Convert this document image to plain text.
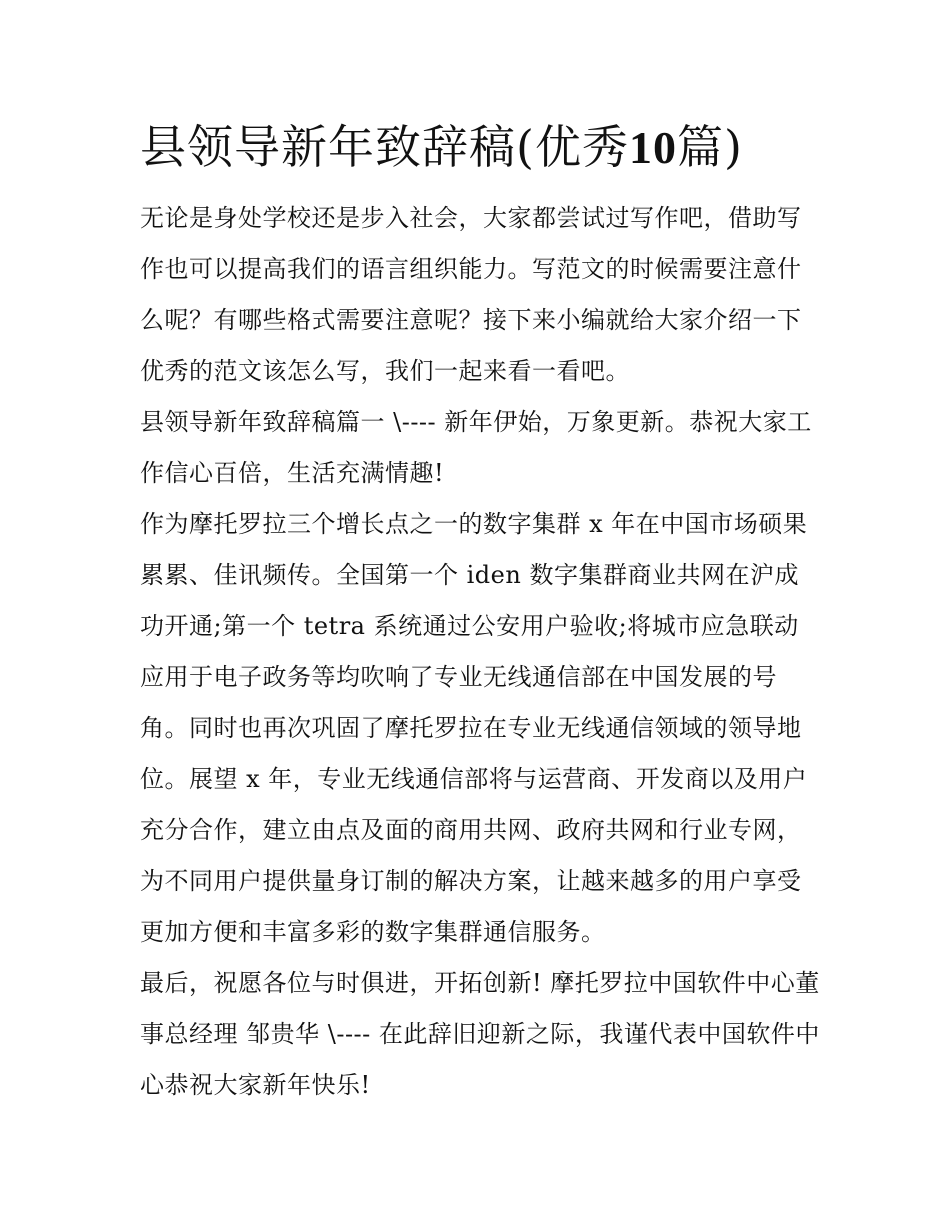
县领导新年致辞稿(优秀10篇)

无论是身处学校还是步入社会，大家都尝试过写作吧，借助写作也可以提高我们的语言组织能力。写范文的时候需要注意什么呢？有哪些格式需要注意呢？接下来小编就给大家介绍一下优秀的范文该怎么写，我们一起来看一看吧。

县领导新年致辞稿篇一 \---- 新年伊始，万象更新。恭祝大家工作信心百倍，生活充满情趣!

作为摩托罗拉三个增长点之一的数字集群 x 年在中国市场硕果累累、佳讯频传。全国第一个 iden 数字集群商业共网在沪成功开通;第一个 tetra 系统通过公安用户验收;将城市应急联动应用于电子政务等均吹响了专业无线通信部在中国发展的号角。同时也再次巩固了摩托罗拉在专业无线通信领域的领导地位。展望 x 年，专业无线通信部将与运营商、开发商以及用户充分合作，建立由点及面的商用共网、政府共网和行业专网，为不同用户提供量身订制的解决方案，让越来越多的用户享受更加方便和丰富多彩的数字集群通信服务。

最后，祝愿各位与时俱进，开拓创新! 摩托罗拉中国软件中心董事总经理 邹贵华 \---- 在此辞旧迎新之际，我谨代表中国软件中心恭祝大家新年快乐!
